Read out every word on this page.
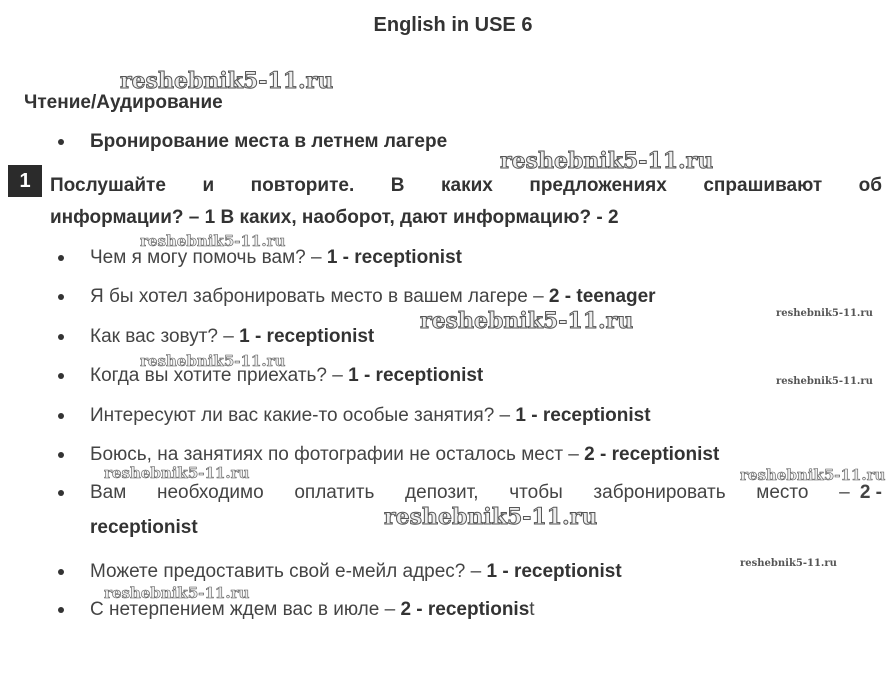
English in USE 6
reshebnik5-11.ru
Чтение/Аудирование
Бронирование места в летнем лагере
reshebnik5-11.ru
1	Послушайте и повторите. В каких предложениях спрашивают об
информации? – 1 В каких, наоборот, дают информацию? - 2
reshebnik5-11.ru
Чем я могу помочь вам? – 1 - receptionist
Я бы хотел забронировать место в вашем лагере – 2 - teenager
reshebnik5-11.ru
reshebnik5-11.ru
Как вас зовут? – 1 - receptionist
reshebnik5-11.ru
Когда вы хотите приехать? – 1 - receptionist	reshebnik5-11.ru
Интересуют ли вас какие-то особые занятия? – 1 - receptionist
Боюсь, на занятиях по фотографии не осталось мест – 2 - receptionist
reshebnik5-11.ru	reshebnik5-11.ru
Вам необходимо оплатить депозит, чтобы забронировать место – 2 -
receptionist	reshebnik5-11.ru
reshebnik5-11.ru
Можете предоставить свой е-мейл адрес? – 1 - receptionist
reshebnik5-11.ru
С нетерпением ждем вас в июле – 2 - receptionist
